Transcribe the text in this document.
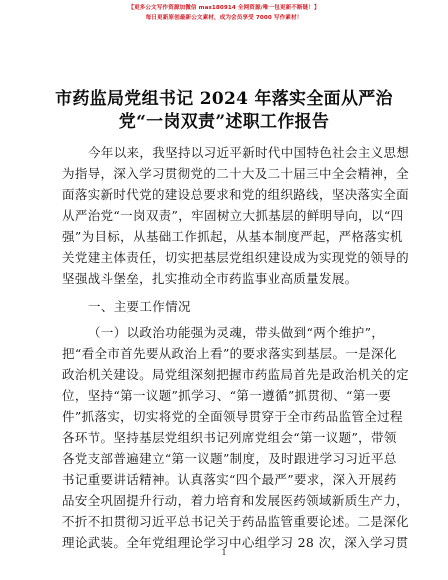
【更多公文写作资源加微信 mas180914 全网资源/唯一包更新不断链！】
每日更新原创最新公文素材，成为会员享受 7000 写作素材！
市药监局党组书记 2024 年落实全面从严治
党“一岗双责”述职工作报告
今年以来，我坚持以习近平新时代中国特色社会主义思想
为指导，深入学习贯彻党的二十大及二十届三中全会精神，全
面落实新时代党的建设总要求和党的组织路线，坚决落实全面
从严治党“一岗双责”，牢固树立大抓基层的鲜明导向，以“四
强”为目标，从基础工作抓起，从基本制度严起，严格落实机
关党建主体责任，切实把基层党组织建设成为实现党的领导的
坚强战斗堡垒，扎实推动全市药监事业高质量发展。
一、主要工作情况
（一）以政治功能强为灵魂，带头做到“两个维护”，
把“看全市首先要从政治上看”的要求落实到基层。一是深化
政治机关建设。局党组深刻把握市药监局首先是政治机关的定
位，坚持“第一议题”抓学习、“第一遵循”抓贯彻、“第一要
件”抓落实，切实将党的全面领导贯穿于全市药品监管全过程
各环节。坚持基层党组织书记列席党组会“第一议题”，带领
各党支部普遍建立“第一议题”制度，及时跟进学习习近平总
书记重要讲话精神。认真落实“四个最严”要求，深入开展药
品安全巩固提升行动，着力培育和发展医药领域新质生产力，
不折不扣贯彻习近平总书记关于药品监管重要论述。二是深化
理论武装。全年党组理论学习中心组学习 28 次，深入学习贯
1
